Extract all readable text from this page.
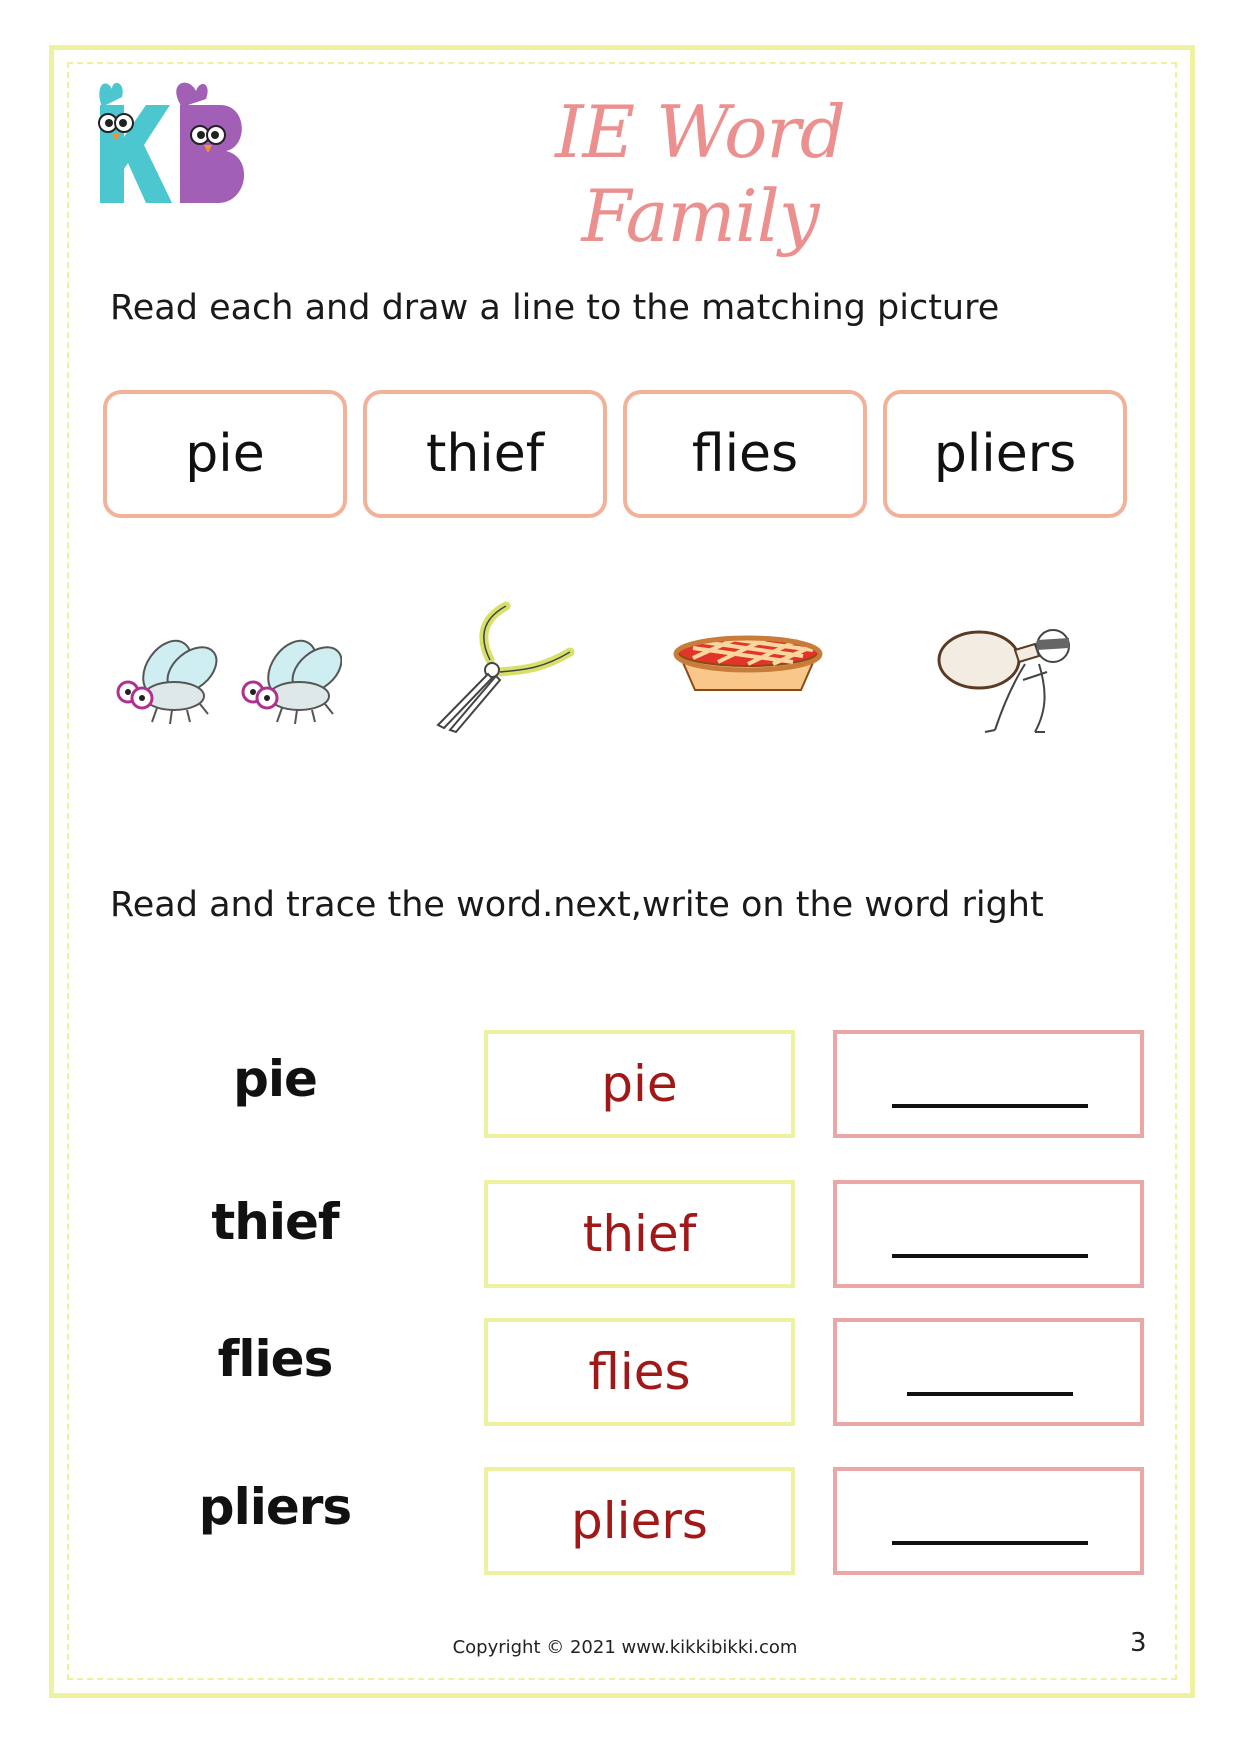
IE Word Family
Read each and draw a line to the matching picture
pie	thief	flies	pliers
Read and trace the word.next,write on the word right
pie	pie
thief	thief
flies	flies
pliers	pliers
Copyright © 2021 www.kikkibikki.com	3
